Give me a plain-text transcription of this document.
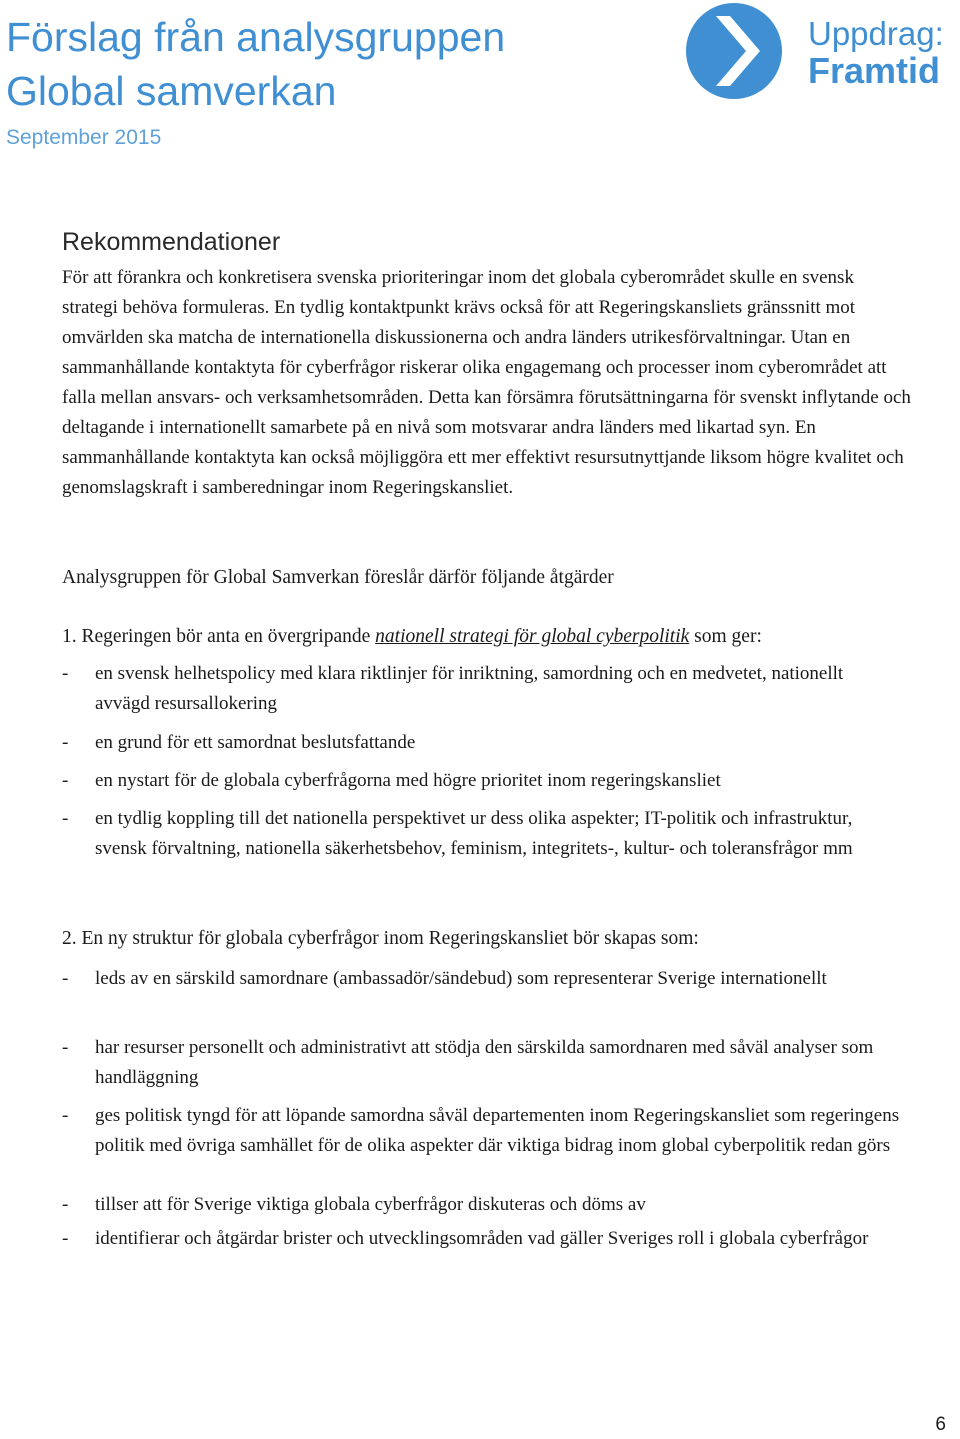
Förslag från analysgruppen
Global samverkan
September 2015
Uppdrag:
Framtid
Rekommendationer
För att förankra och konkretisera svenska prioriteringar inom det globala cyberområdet skulle en svensk strategi behöva formuleras. En tydlig kontaktpunkt krävs också för att Regeringskansliets gränssnitt mot omvärlden ska matcha de internationella diskussionerna och andra länders utrikesförvaltningar. Utan en sammanhållande kontaktyta för cyberfrågor riskerar olika engagemang och processer inom cyberområdet att falla mellan ansvars- och verksamhetsområden. Detta kan försämra förutsättningarna för svenskt inflytande och deltagande i internationellt samarbete på en nivå som motsvarar andra länders med likartad syn. En sammanhållande kontaktyta kan också möjliggöra ett mer effektivt resursutnyttjande liksom högre kvalitet och genomslagskraft i samberedningar inom Regeringskansliet.
Analysgruppen för Global Samverkan föreslår därför följande åtgärder
1. Regeringen bör anta en övergripande nationell strategi för global cyberpolitik som ger:
- en svensk helhetspolicy med klara riktlinjer för inriktning, samordning och en medvetet, nationellt avvägd resursallokering
- en grund för ett samordnat beslutsfattande
- en nystart för de globala cyberfrågorna med högre prioritet inom regeringskansliet
- en tydlig koppling till det nationella perspektivet ur dess olika aspekter; IT-politik och infrastruktur, svensk förvaltning, nationella säkerhetsbehov, feminism, integritets-, kultur- och toleransfrågor mm
2. En ny struktur för globala cyberfrågor inom Regeringskansliet bör skapas som:
- leds av en särskild samordnare (ambassadör/sändebud) som representerar Sverige internationellt
- har resurser personellt och administrativt att stödja den särskilda samordnaren med såväl analyser som handläggning
- ges politisk tyngd för att löpande samordna såväl departementen inom Regeringskansliet som regeringens politik med övriga samhället för de olika aspekter där viktiga bidrag inom global cyberpolitik redan görs
- tillser att för Sverige viktiga globala cyberfrågor diskuteras och döms av
- identifierar och åtgärdar brister och utvecklingsområden vad gäller Sveriges roll i globala cyberfrågor
6
